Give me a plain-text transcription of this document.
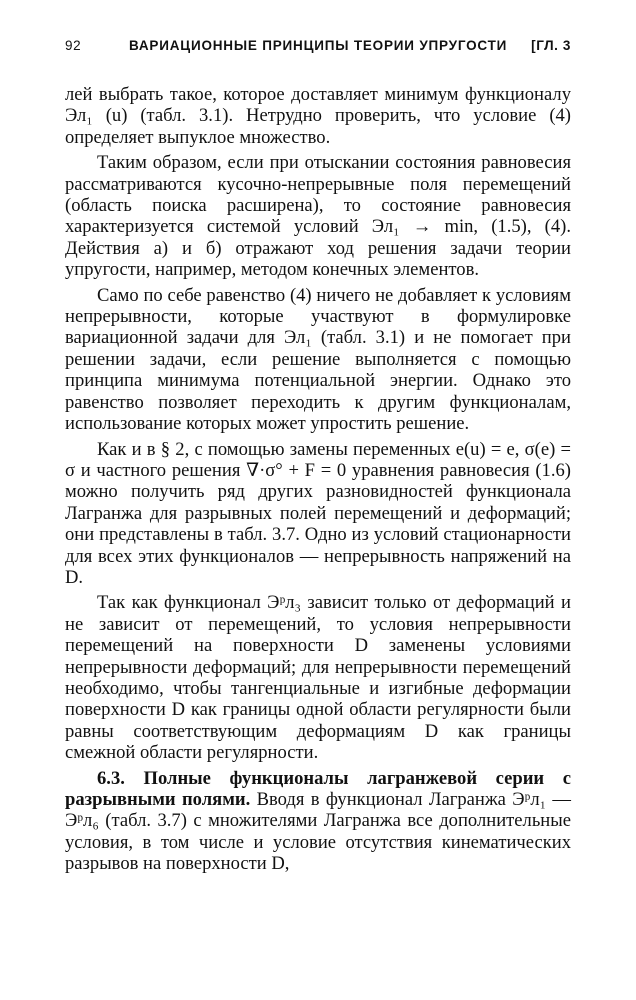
92	ВАРИАЦИОННЫЕ ПРИНЦИПЫ ТЕОРИИ УПРУГОСТИ [ГЛ. 3

лей выбрать такое, которое доставляет минимум функционалу Эл₁ (u) (табл. 3.1). Нетрудно проверить, что условие (4) определяет выпуклое множество.

Таким образом, если при отыскании состояния равновесия рассматриваются кусочно-непрерывные поля перемещений (область поиска расширена), то состояние равновесия характеризуется системой условий Эл₁ → min, (1.5), (4). Действия а) и б) отражают ход решения задачи теории упругости, например, методом конечных элементов.

Само по себе равенство (4) ничего не добавляет к условиям непрерывности, которые участвуют в формулировке вариационной задачи для Эл₁ (табл. 3.1) и не помогает при решении задачи, если решение выполняется с помощью принципа минимума потенциальной энергии. Однако это равенство позволяет переходить к другим функционалам, использование которых может упростить решение.

Как и в § 2, с помощью замены переменных e(u) = e, σ(e) = σ и частного решения ∇·σ° + F = 0 уравнения равновесия (1.6) можно получить ряд других разновидностей функционала Лагранжа для разрывных полей перемещений и деформаций; они представлены в табл. 3.7. Одно из условий стационарности для всех этих функционалов — непрерывность напряжений на D.

Так как функционал Эᵖл₃ зависит только от деформаций и не зависит от перемещений, то условия непрерывности перемещений на поверхности D заменены условиями непрерывности деформаций; для непрерывности перемещений необходимо, чтобы тангенциальные и изгибные деформации поверхности D как границы одной области регулярности были равны соответствующим деформациям D как границы смежной области регулярности.

6.3. Полные функционалы лагранжевой серии с разрывными полями. Вводя в функционал Лагранжа Эᵖл₁ — Эᵖл₆ (табл. 3.7) с множителями Лагранжа все дополнительные условия, в том числе и условие отсутствия кинематических разрывов на поверхности D,
